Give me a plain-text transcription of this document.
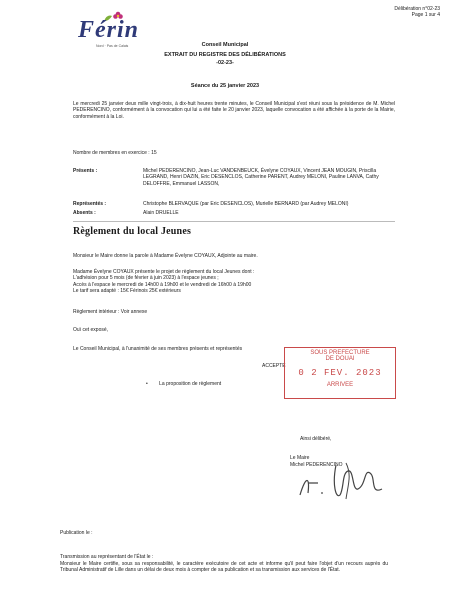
Délibération n°02-23
Page 1 sur 4
Férin
Nord · Pas de Calais	Conseil Municipal
EXTRAIT DU REGISTRE DES DÉLIBÉRATIONS
-02-23-
Séance du 25 janvier 2023
Le mercredi 25 janvier deux mille vingt-trois, à dix-huit heures trente minutes, le Conseil Municipal s'est réuni sous la présidence de M. Michel PEDERENCINO, conformément à la convocation qui lui a été faite le 20 janvier 2023, laquelle convocation a été affichée à la porte de la Mairie, conformément à la Loi.
Nombre de membres en exercice : 15
Présents :	Michel PEDERENCINO, Jean-Luc VANDENBEUCK, Évelyne COYAUX, Vincent JEAN MOUGIN, Priscilla LEGRAND, Henri DAZIN, Eric DESENCLOS, Catherine PARENT, Audrey MELONI, Pauline LANVA, Cathy DELOFFRE, Emmanuel LASSON,
Représentés :	Christophe BLERVAQUE (par Eric DESENCLOS), Murielle BERNARD (par Audrey MELONI)
Absents :	Alain DRUELLE
Règlement du local Jeunes
Monsieur le Maire donne la parole à Madame Évelyne COYAUX, Adjointe au maire.
Madame Évelyne COYAUX présente le projet de règlement du local Jeunes dont :
L'adhésion pour 5 mois (de février à juin 2023) à l'espace jeunes ;
Accès à l'espace le mercredi de 14h00 à 19h00 et le vendredi de 16h00 à 19h00
Le tarif sera adapté : 15€ Férinois 25€ extérieurs
Règlement intérieur : Voir annexe
Ouï cet exposé,
Le Conseil Municipal, à l'unanimité de ses membres présents et représentés
ACCEPTE
• La proposition de règlement
SOUS PREFECTURE
DE DOUAI
0 2 FEV. 2023
ARRIVEE
Ainsi délibéré,
Le Maire
Michel PEDERENCINO
Publication le :
Transmission au représentant de l'État le :
Monsieur le Maire certifie, sous sa responsabilité, le caractère exécutoire de cet acte et informe qu'il peut faire l'objet d'un recours auprès du Tribunal Administratif de Lille dans un délai de deux mois à compter de sa publication et sa transmission aux services de l'État.
